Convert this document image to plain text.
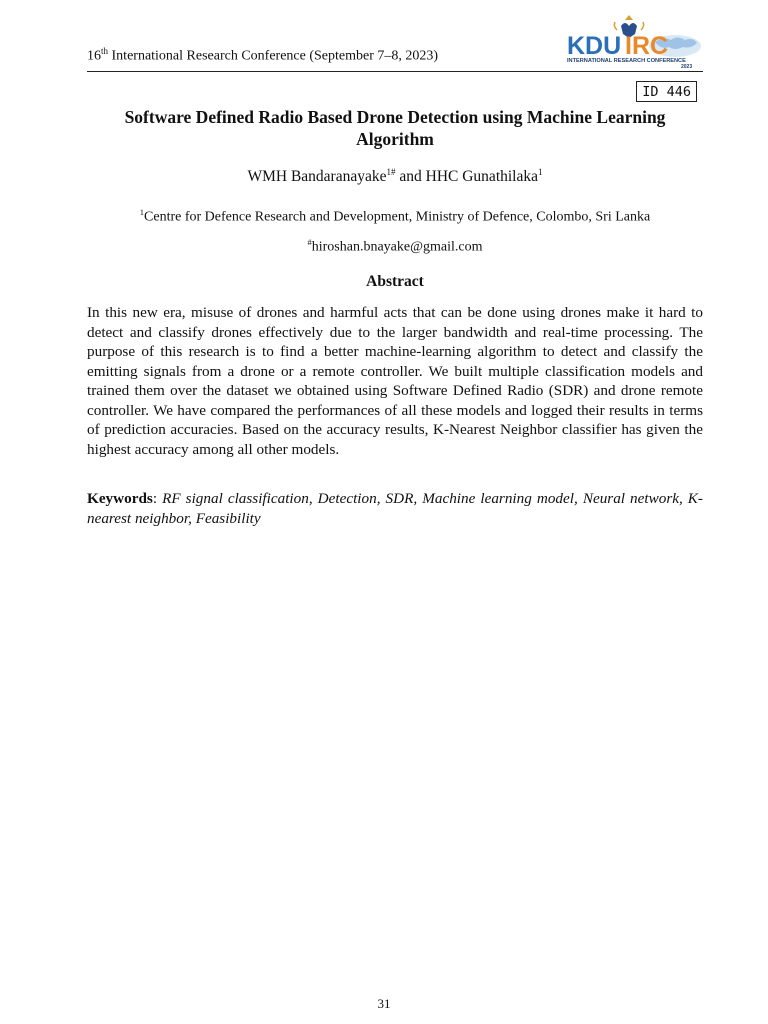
16th International Research Conference (September 7–8, 2023)	KDU IRC
INTERNATIONAL RESEARCH CONFERENCE
2023
ID 446
Software Defined Radio Based Drone Detection using Machine Learning Algorithm
WMH Bandaranayake$^{1\#}$ and HHC Gunathilaka$^1$
$^1$Centre for Defence Research and Development, Ministry of Defence, Colombo, Sri Lanka
#hiroshan.bnayake@gmail.com
Abstract
In this new era, misuse of drones and harmful acts that can be done using drones make it hard to detect and classify drones effectively due to the larger bandwidth and real-time processing. The purpose of this research is to find a better machine-learning algorithm to detect and classify the emitting signals from a drone or a remote controller. We built multiple classification models and trained them over the dataset we obtained using Software Defined Radio (SDR) and drone remote controller. We have compared the performances of all these models and logged their results in terms of prediction accuracies. Based on the accuracy results, K-Nearest Neighbor classifier has given the highest accuracy among all other models.
Keywords: RF signal classification, Detection, SDR, Machine learning model, Neural network, K-nearest neighbor, Feasibility
31
